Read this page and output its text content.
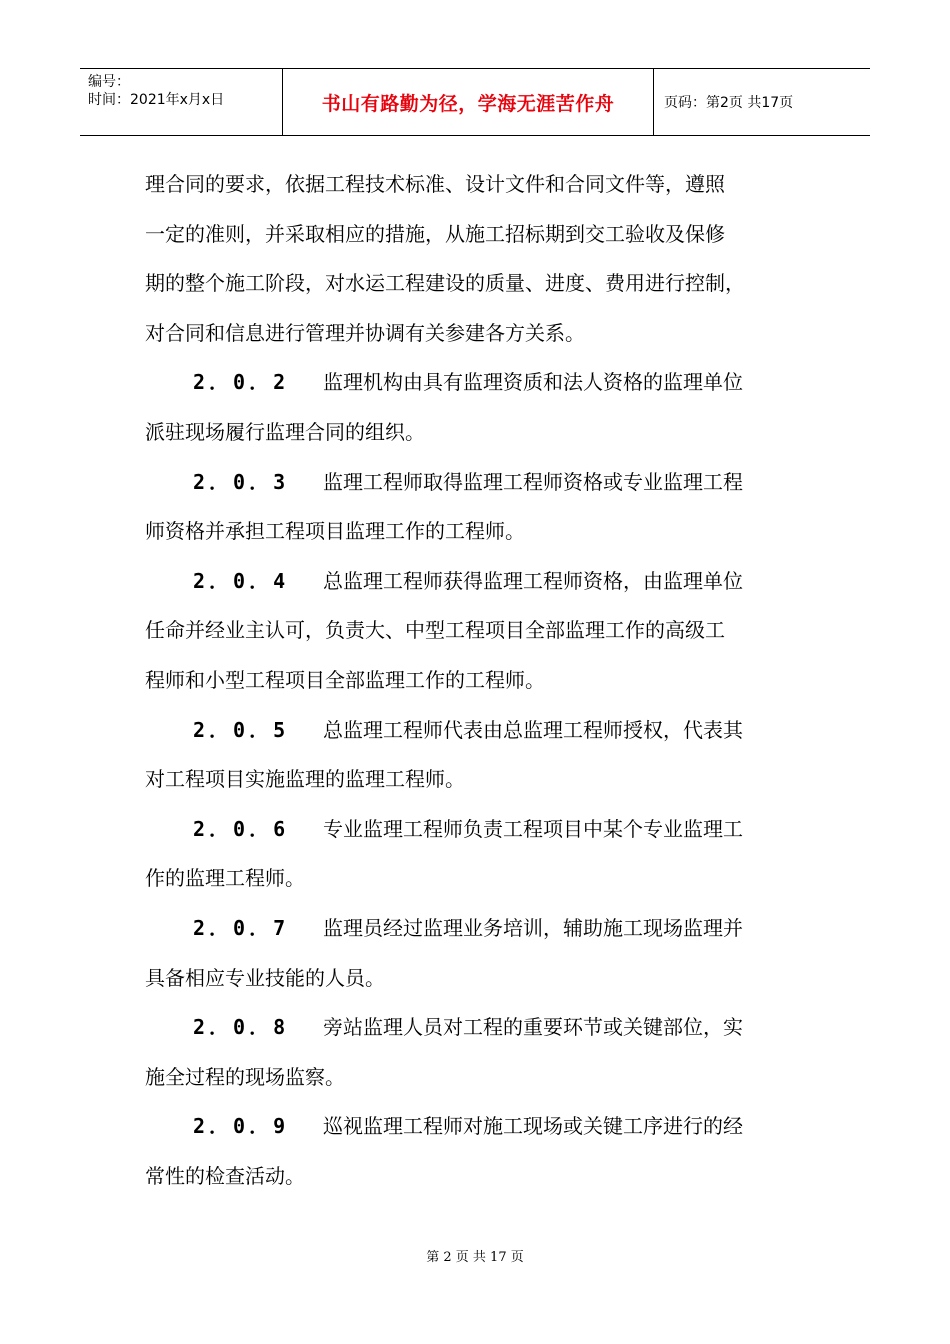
编号：
时间：2021年x月x日	书山有路勤为径，学海无涯苦作舟	页码：第2页 共17页

理合同的要求，依据工程技术标准、设计文件和合同文件等，遵照

一定的准则，并采取相应的措施，从施工招标期到交工验收及保修

期的整个施工阶段，对水运工程建设的质量、进度、费用进行控制，

对合同和信息进行管理并协调有关参建各方关系。

2．0．2 监理机构由具有监理资质和法人资格的监理单位

派驻现场履行监理合同的组织。

2．0．3 监理工程师取得监理工程师资格或专业监理工程

师资格并承担工程项目监理工作的工程师。

2．0．4 总监理工程师获得监理工程师资格，由监理单位

任命并经业主认可，负责大、中型工程项目全部监理工作的高级工

程师和小型工程项目全部监理工作的工程师。

2．0．5 总监理工程师代表由总监理工程师授权，代表其

对工程项目实施监理的监理工程师。

2．0．6 专业监理工程师负责工程项目中某个专业监理工

作的监理工程师。

2．0．7 监理员经过监理业务培训，辅助施工现场监理并

具备相应专业技能的人员。

2．0．8 旁站监理人员对工程的重要环节或关键部位，实

施全过程的现场监察。

2．0．9 巡视监理工程师对施工现场或关键工序进行的经

常性的检查活动。

第 2 页 共 17 页
